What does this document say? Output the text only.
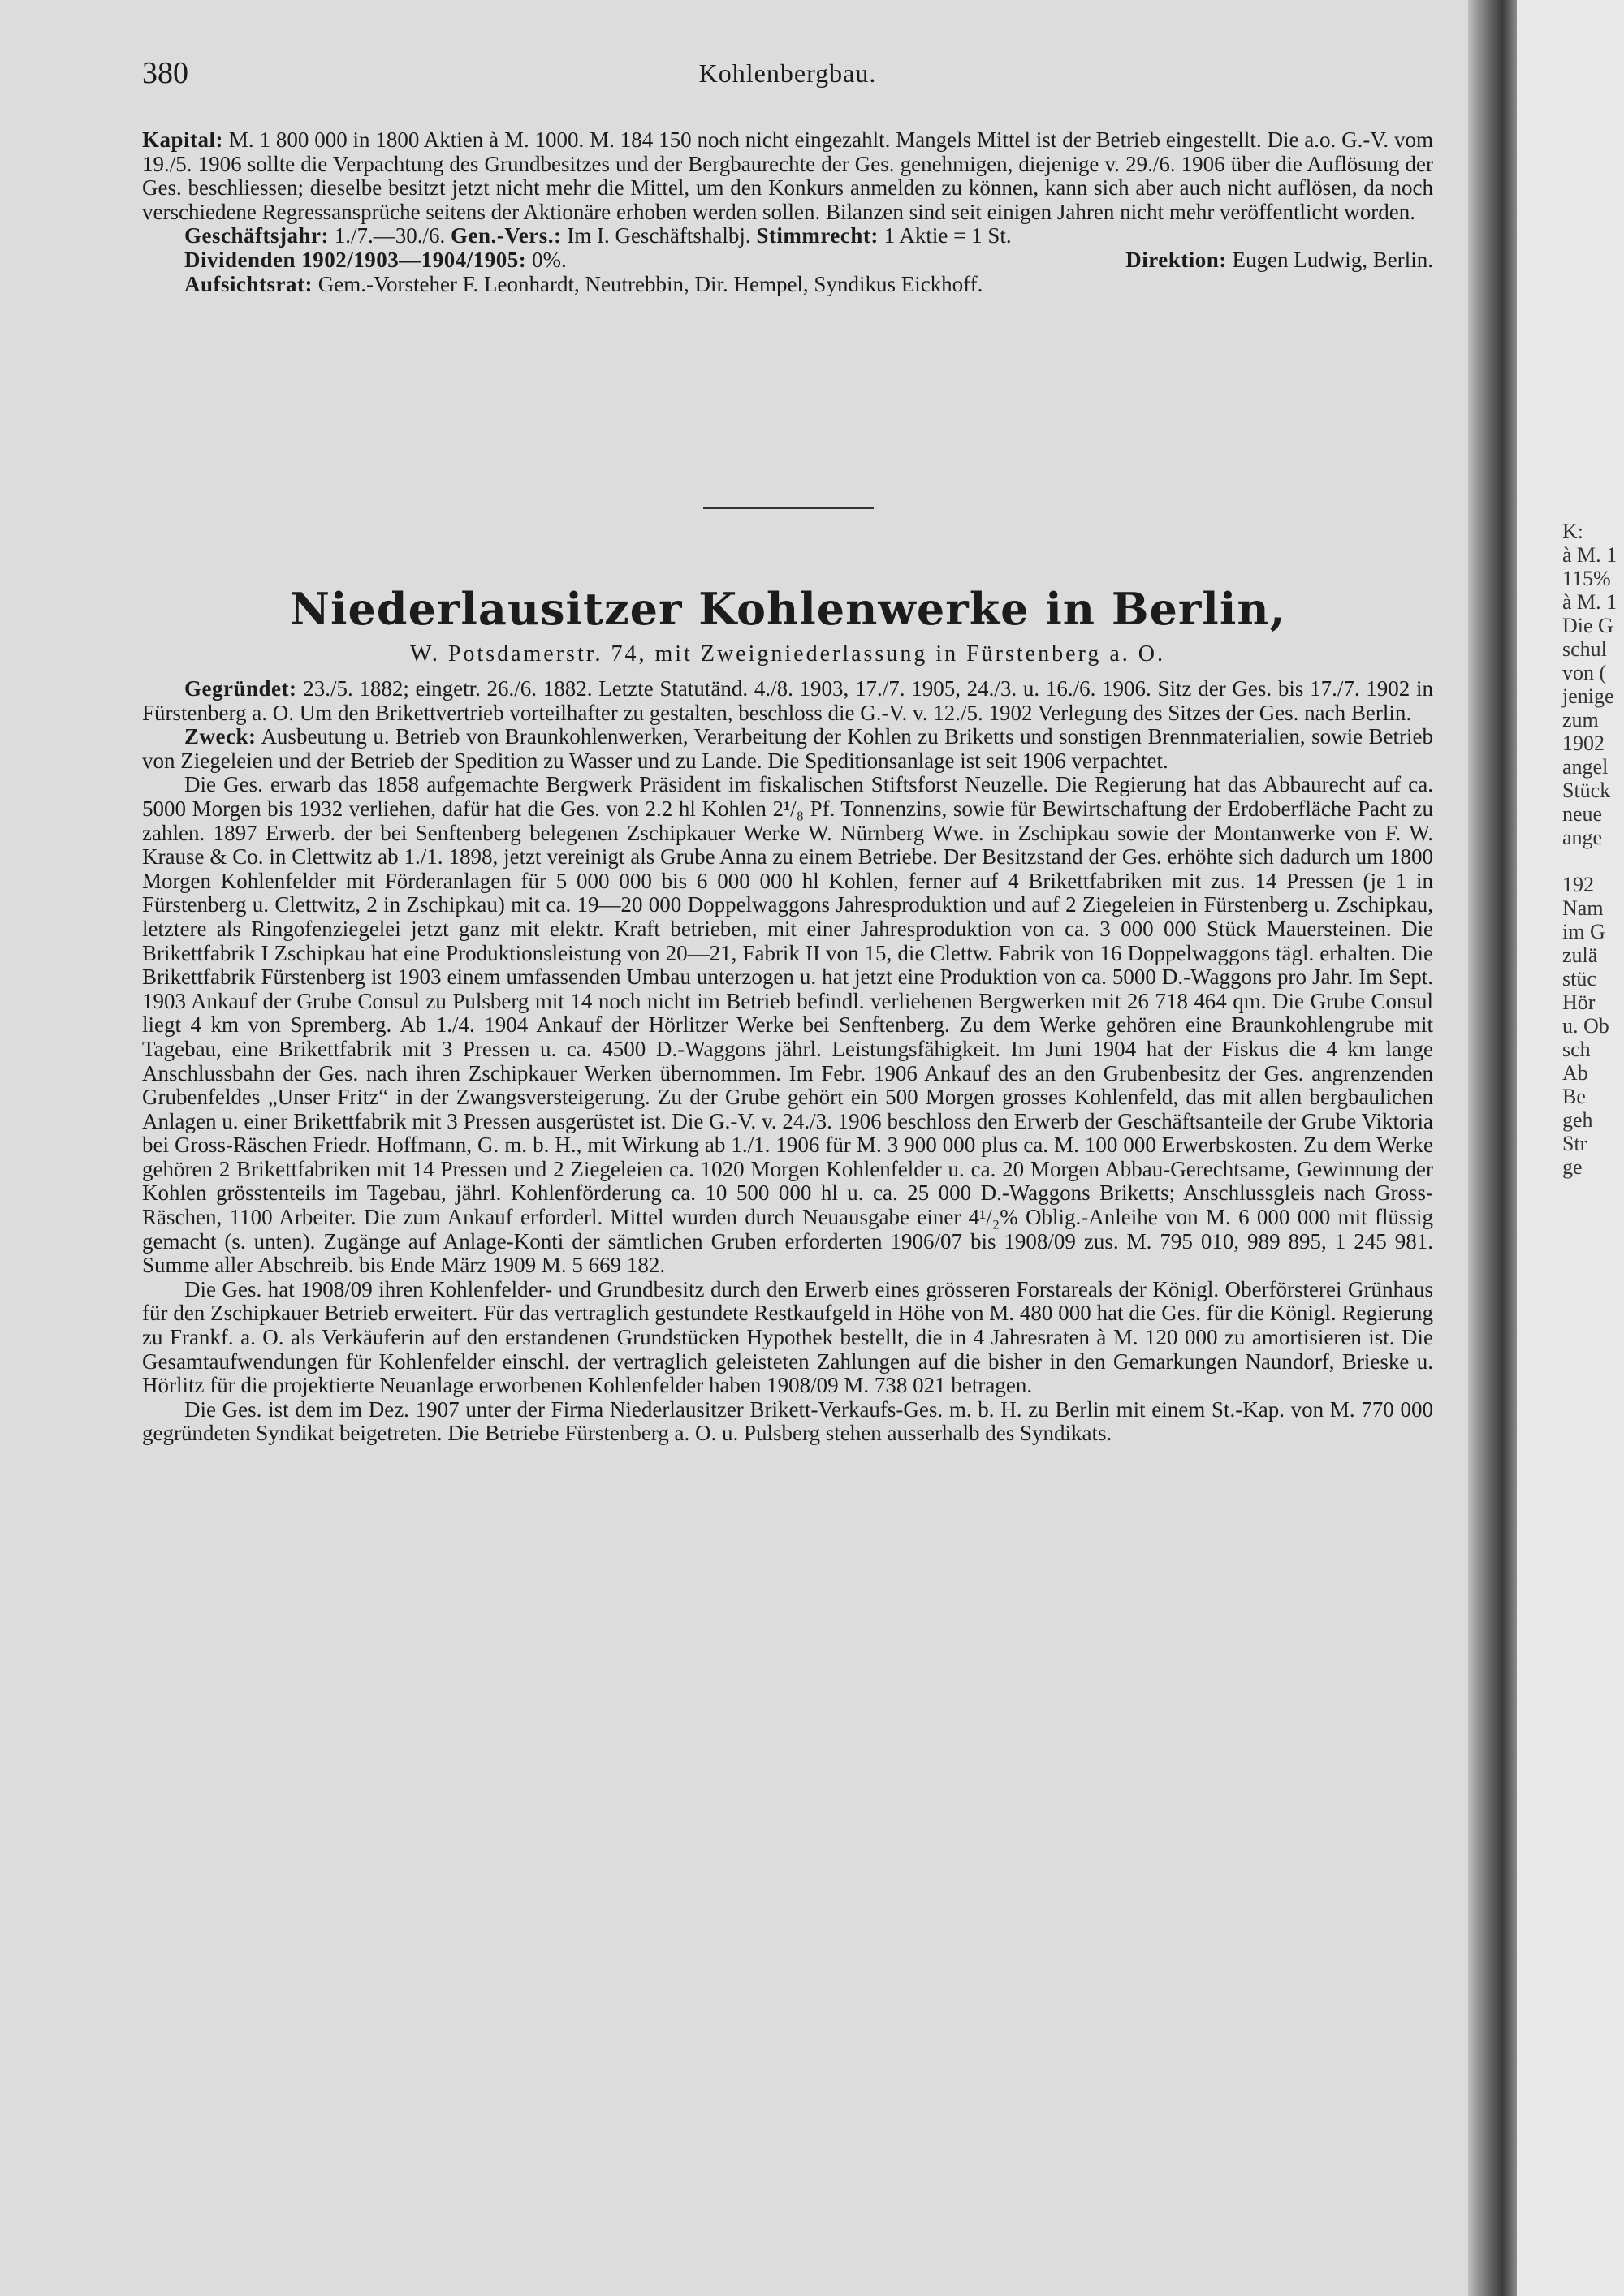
380	Kohlenbergbau.

Kapital: M. 1 800 000 in 1800 Aktien à M. 1000. M. 184 150 noch nicht eingezahlt. Mangels Mittel ist der Betrieb eingestellt. Die a.o. G.-V. vom 19./5. 1906 sollte die Verpachtung des Grundbesitzes und der Bergbaurechte der Ges. genehmigen, diejenige v. 29./6. 1906 über die Auflösung der Ges. beschliessen; dieselbe besitzt jetzt nicht mehr die Mittel, um den Konkurs anmelden zu können, kann sich aber auch nicht auflösen, da noch verschiedene Regressansprüche seitens der Aktionäre erhoben werden sollen. Bilanzen sind seit einigen Jahren nicht mehr veröffentlicht worden.

Geschäftsjahr: 1./7.—30./6. Gen.-Vers.: Im I. Geschäftshalbj. Stimmrecht: 1 Aktie = 1 St.

Dividenden 1902/1903—1904/1905: 0%.	Direktion: Eugen Ludwig, Berlin.

Aufsichtsrat: Gem.-Vorsteher F. Leonhardt, Neutrebbin, Dir. Hempel, Syndikus Eickhoff.

Niederlausitzer Kohlenwerke in Berlin,
W. Potsdamerstr. 74, mit Zweigniederlassung in Fürstenberg a. O.

Gegründet: 23./5. 1882; eingetr. 26./6. 1882. Letzte Statutänd. 4./8. 1903, 17./7. 1905, 24./3. u. 16./6. 1906. Sitz der Ges. bis 17./7. 1902 in Fürstenberg a. O. Um den Brikettvertrieb vorteilhafter zu gestalten, beschloss die G.-V. v. 12./5. 1902 Verlegung des Sitzes der Ges. nach Berlin.

Zweck: Ausbeutung u. Betrieb von Braunkohlenwerken, Verarbeitung der Kohlen zu Briketts und sonstigen Brennmaterialien, sowie Betrieb von Ziegeleien und der Betrieb der Spedition zu Wasser und zu Lande. Die Speditionsanlage ist seit 1906 verpachtet.

Die Ges. erwarb das 1858 aufgemachte Bergwerk Präsident im fiskalischen Stiftsforst Neuzelle. Die Regierung hat das Abbaurecht auf ca. 5000 Morgen bis 1932 verliehen, dafür hat die Ges. von 2.2 hl Kohlen 2¹/₈ Pf. Tonnenzins, sowie für Bewirtschaftung der Erdoberfläche Pacht zu zahlen. 1897 Erwerb. der bei Senftenberg belegenen Zschipkauer Werke W. Nürnberg Wwe. in Zschipkau sowie der Montanwerke von F. W. Krause & Co. in Clettwitz ab 1./1. 1898, jetzt vereinigt als Grube Anna zu einem Betriebe. Der Besitzstand der Ges. erhöhte sich dadurch um 1800 Morgen Kohlenfelder mit Förderanlagen für 5 000 000 bis 6 000 000 hl Kohlen, ferner auf 4 Brikettfabriken mit zus. 14 Pressen (je 1 in Fürstenberg u. Clettwitz, 2 in Zschipkau) mit ca. 19—20 000 Doppelwaggons Jahresproduktion und auf 2 Ziegeleien in Fürstenberg u. Zschipkau, letztere als Ringofenziegelei jetzt ganz mit elektr. Kraft betrieben, mit einer Jahresproduktion von ca. 3 000 000 Stück Mauersteinen. Die Brikettfabrik I Zschipkau hat eine Produktionsleistung von 20—21, Fabrik II von 15, die Clettw. Fabrik von 16 Doppelwaggons tägl. erhalten. Die Brikettfabrik Fürstenberg ist 1903 einem umfassenden Umbau unterzogen u. hat jetzt eine Produktion von ca. 5000 D.-Waggons pro Jahr. Im Sept. 1903 Ankauf der Grube Consul zu Pulsberg mit 14 noch nicht im Betrieb befindl. verliehenen Bergwerken mit 26 718 464 qm. Die Grube Consul liegt 4 km von Spremberg. Ab 1./4. 1904 Ankauf der Hörlitzer Werke bei Senftenberg. Zu dem Werke gehören eine Braunkohlengrube mit Tagebau, eine Brikettfabrik mit 3 Pressen u. ca. 4500 D.-Waggons jährl. Leistungsfähigkeit. Im Juni 1904 hat der Fiskus die 4 km lange Anschlussbahn der Ges. nach ihren Zschipkauer Werken übernommen. Im Febr. 1906 Ankauf des an den Grubenbesitz der Ges. angrenzenden Grubenfeldes „Unser Fritz“ in der Zwangsversteigerung. Zu der Grube gehört ein 500 Morgen grosses Kohlenfeld, das mit allen bergbaulichen Anlagen u. einer Brikettfabrik mit 3 Pressen ausgerüstet ist. Die G.-V. v. 24./3. 1906 beschloss den Erwerb der Geschäftsanteile der Grube Viktoria bei Gross-Räschen Friedr. Hoffmann, G. m. b. H., mit Wirkung ab 1./1. 1906 für M. 3 900 000 plus ca. M. 100 000 Erwerbskosten. Zu dem Werke gehören 2 Brikettfabriken mit 14 Pressen und 2 Ziegeleien ca. 1020 Morgen Kohlenfelder u. ca. 20 Morgen Abbau-Gerechtsame, Gewinnung der Kohlen grösstenteils im Tagebau, jährl. Kohlenförderung ca. 10 500 000 hl u. ca. 25 000 D.-Waggons Briketts; Anschlussgleis nach Gross-Räschen, 1100 Arbeiter. Die zum Ankauf erforderl. Mittel wurden durch Neuausgabe einer 4¹/₂% Oblig.-Anleihe von M. 6 000 000 mit flüssig gemacht (s. unten). Zugänge auf Anlage-Konti der sämtlichen Gruben erforderten 1906/07 bis 1908/09 zus. M. 795 010, 989 895, 1 245 981. Summe aller Abschreib. bis Ende März 1909 M. 5 669 182.

Die Ges. hat 1908/09 ihren Kohlenfelder- und Grundbesitz durch den Erwerb eines grösseren Forstareals der Königl. Oberförsterei Grünhaus für den Zschipkauer Betrieb erweitert. Für das vertraglich gestundete Restkaufgeld in Höhe von M. 480 000 hat die Ges. für die Königl. Regierung zu Frankf. a. O. als Verkäuferin auf den erstandenen Grundstücken Hypothek bestellt, die in 4 Jahresraten à M. 120 000 zu amortisieren ist. Die Gesamtaufwendungen für Kohlenfelder einschl. der vertraglich geleisteten Zahlungen auf die bisher in den Gemarkungen Naundorf, Brieske u. Hörlitz für die projektierte Neuanlage erworbenen Kohlenfelder haben 1908/09 M. 738 021 betragen.

Die Ges. ist dem im Dez. 1907 unter der Firma Niederlausitzer Brikett-Verkaufs-Ges. m. b. H. zu Berlin mit einem St.-Kap. von M. 770 000 gegründeten Syndikat beigetreten. Die Betriebe Fürstenberg a. O. u. Pulsberg stehen ausserhalb des Syndikats.

K:
à M. 1
115%
à M. 1
Die G
schul
von (
jenige
zum
1902
angel
Stück
neue
ange

192
Nam
im G
zulä
stüc
Hör
u. Ob
sch
Ab
Be
geh
Str
ge
